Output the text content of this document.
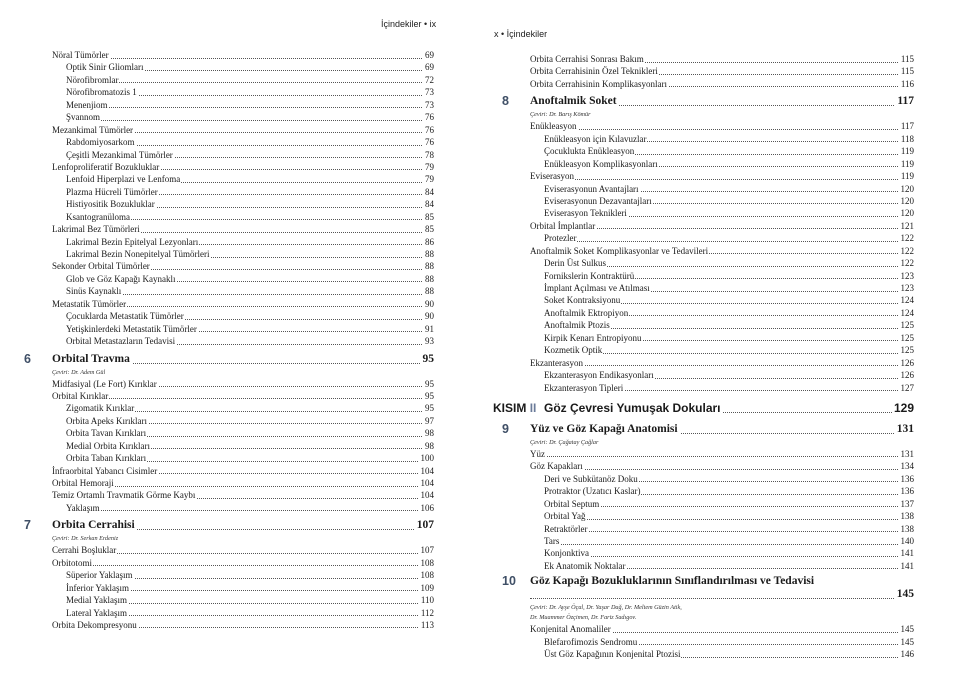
İçindekiler • ix
Nöral Tümörler	69
Optik Sinir Gliomları	69
Nörofibromlar	72
Nörofibromatozis 1	73
Menenjiom	73
Şvannom	76
Mezankimal Tümörler	76
Rabdomiyosarkom	76
Çeşitli Mezankimal Tümörler	78
Lenfoproliferatif Bozukluklar	79
Lenfoid Hiperplazi ve Lenfoma	79
Plazma Hücreli Tümörler	84
Histiyositik Bozukluklar	84
Ksantogranüloma	85
Lakrimal Bez Tümörleri	85
Lakrimal Bezin Epitelyal Lezyonları	86
Lakrimal Bezin Nonepitelyal Tümörleri	88
Sekonder Orbital Tümörler	88
Glob ve Göz Kapağı Kaynaklı	88
Sinüs Kaynaklı	88
Metastatik Tümörler	90
Çocuklarda Metastatik Tümörler	90
Yetişkinlerdeki Metastatik Tümörler	91
Orbital Metastazların Tedavisi	93
6 Orbital Travma	95
Çeviri: Dr. Adem Gül
Midfasiyal (Le Fort) Kırıklar	95
Orbital Kırıklar	95
Zigomatik Kırıklar	95
Orbita Apeks Kırıkları	97
Orbita Tavan Kırıkları	98
Medial Orbita Kırıkları	98
Orbita Taban Kırıkları	100
İnfraorbital Yabancı Cisimler	104
Orbital Hemoraji	104
Temiz Ortamlı Travmatik Görme Kaybı	104
Yaklaşım	106
7 Orbita Cerrahisi	107
Çeviri: Dr. Serkan Erdeniz
Cerrahi Boşluklar	107
Orbitotomi	108
Süperior Yaklaşım	108
İnferior Yaklaşım	109
Medial Yaklaşım	110
Lateral Yaklaşım	112
Orbita Dekompresyonu	113
x • İçindekiler
Orbita Cerrahisi Sonrası Bakım	115
Orbita Cerrahisinin Özel Teknikleri	115
Orbita Cerrahisinin Komplikasyonları	116
8 Anoftalmik Soket	117
Çeviri: Dr. Barış Kömür
Enükleasyon	117
Enükleasyon için Kılavuzlar	118
Çocuklukta Enükleasyon	119
Enükleasyon Komplikasyonları	119
Eviserasyon	119
Eviserasyonun Avantajları	120
Eviserasyonun Dezavantajları	120
Eviserasyon Teknikleri	120
Orbital İmplantlar	121
Protezler	122
Anoftalmik Soket Komplikasyonlar ve Tedavileri	122
Derin Üst Sulkus	122
Fornikslerin Kontraktürü	123
İmplant Açılması ve Atılması	123
Soket Kontraksiyonu	124
Anoftalmik Ektropiyon	124
Anoftalmik Ptozis	125
Kirpik Kenarı Entropiyonu	125
Kozmetik Optik	125
Ekzanterasyon	126
Ekzanterasyon Endikasyonları	126
Ekzanterasyon Tipleri	127
KISIM II Göz Çevresi Yumuşak Dokuları	129
9 Yüz ve Göz Kapağı Anatomisi	131
Çeviri: Dr. Çağatay Çağlar
Yüz	131
Göz Kapakları	134
Deri ve Subkütanöz Doku	136
Protraktor (Uzatıcı Kaslar)	136
Orbital Septum	137
Orbital Yağ	138
Retraktörler	138
Tars	140
Konjonktiva	141
Ek Anatomik Noktalar	141
10 Göz Kapağı Bozukluklarının Sınıflandırılması ve Tedavisi
145
Çeviri: Dr. Ayşe Öçal, Dr. Yaşar Dağ, Dr. Meltem Güzin Atik,
Dr. Muammer Özçimen, Dr. Fariz Sadıgov.
Konjenital Anomaliler	145
Blefarofimozis Sendromu	145
Üst Göz Kapağının Konjenital Ptozisi	146
